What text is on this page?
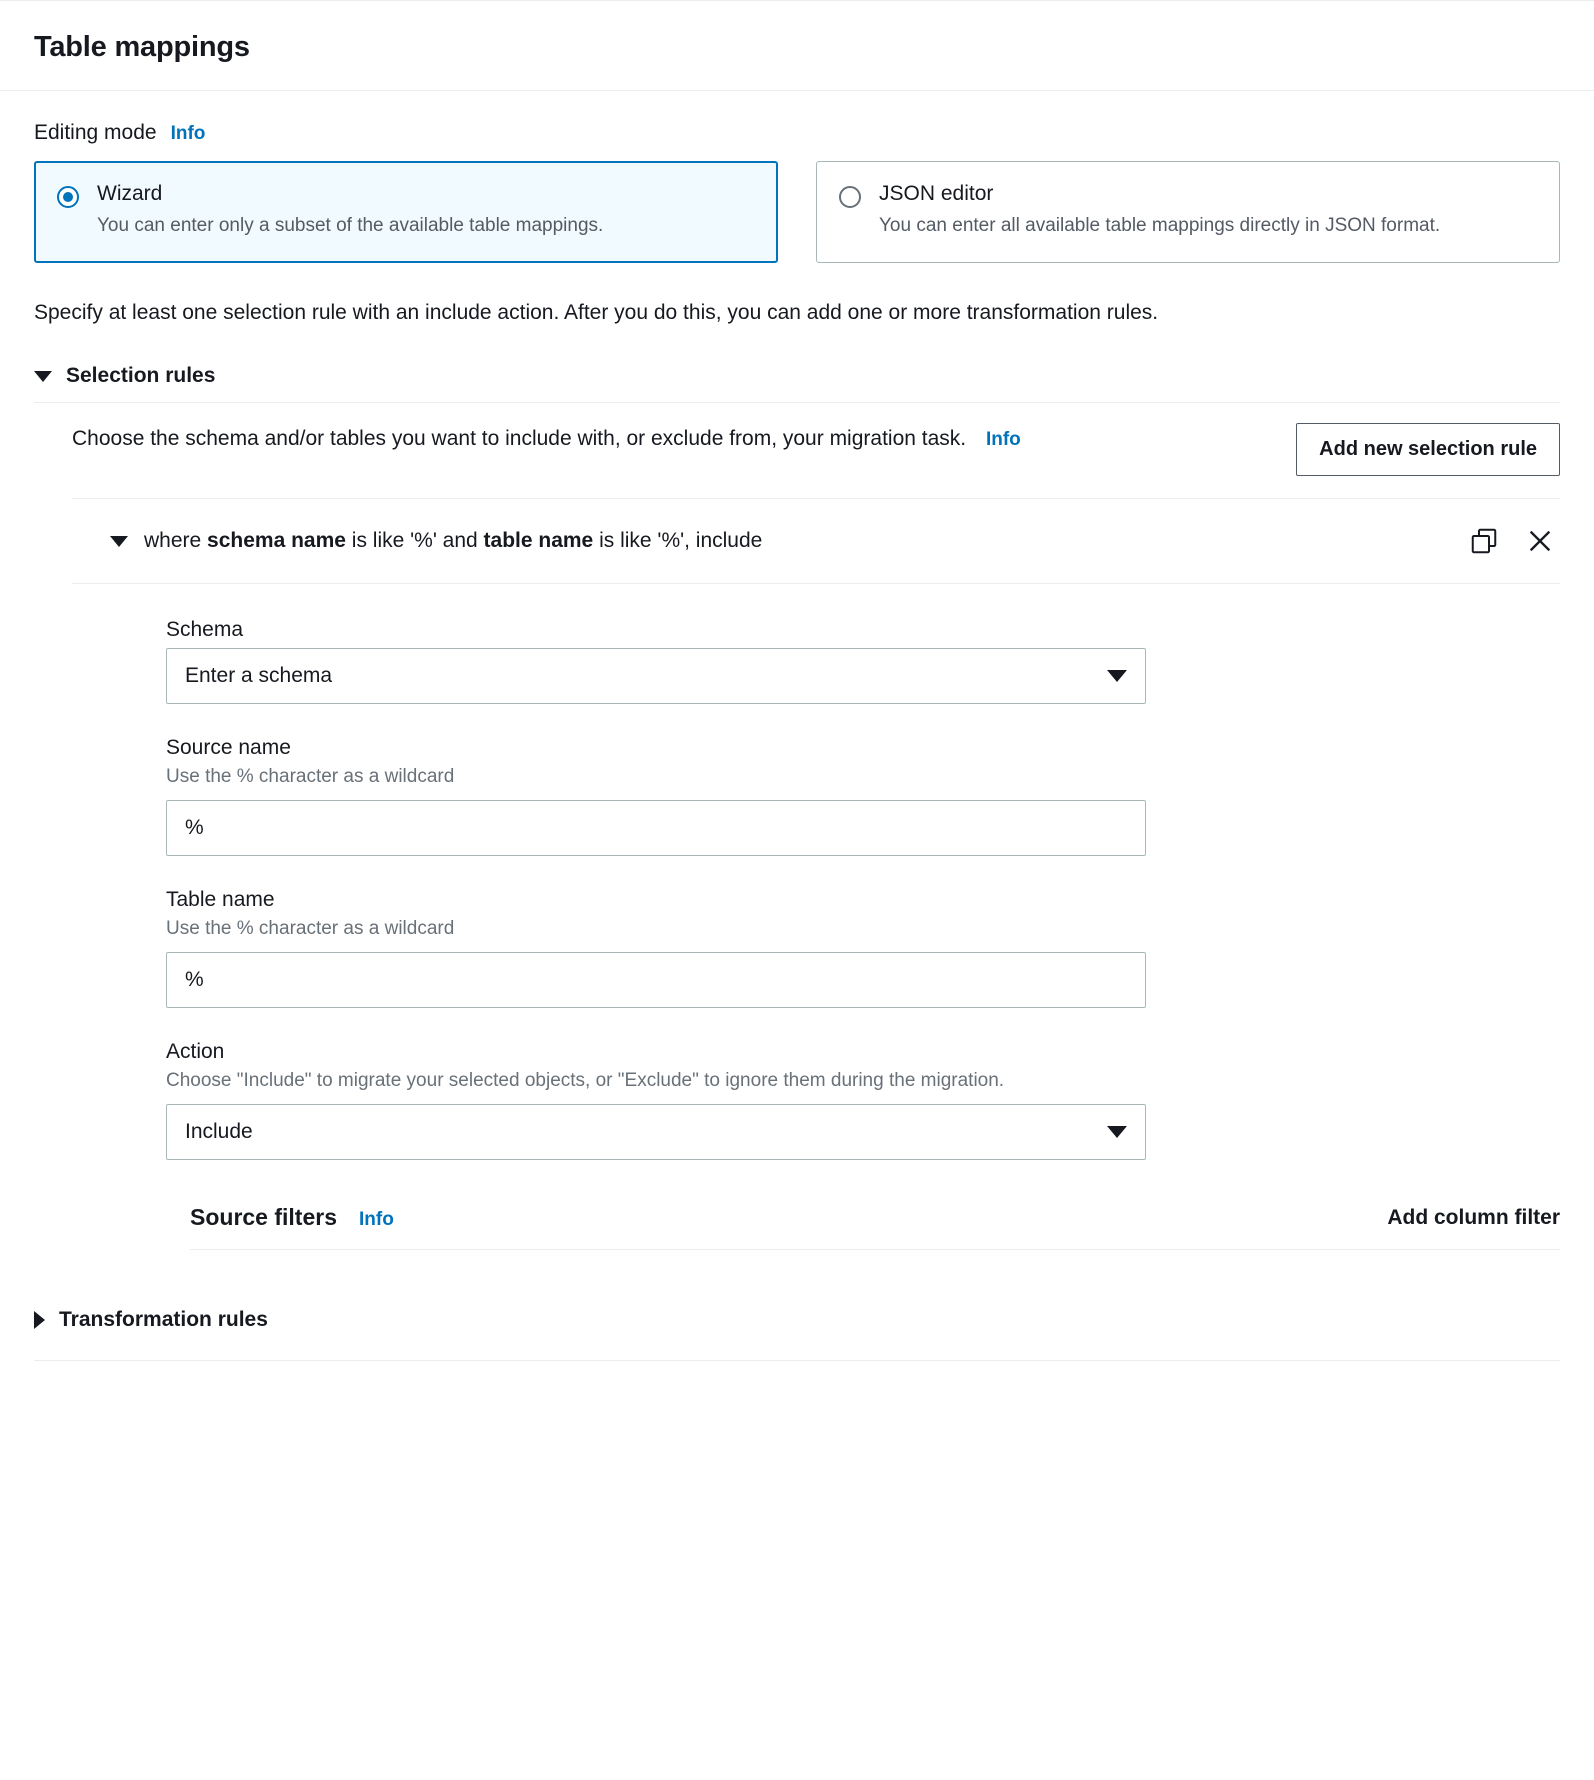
Table mappings
Editing mode Info
Wizard
You can enter only a subset of the available table mappings.
JSON editor
You can enter all available table mappings directly in JSON format.
Specify at least one selection rule with an include action. After you do this, you can add one or more transformation rules.
Selection rules
Choose the schema and/or tables you want to include with, or exclude from, your migration task. Info	Add new selection rule
where schema name is like '%' and table name is like '%', include
Schema
Enter a schema
Source name
Use the % character as a wildcard
%
Table name
Use the % character as a wildcard
%
Action
Choose "Include" to migrate your selected objects, or "Exclude" to ignore them during the migration.
Include
Source filters Info	Add column filter
Transformation rules
